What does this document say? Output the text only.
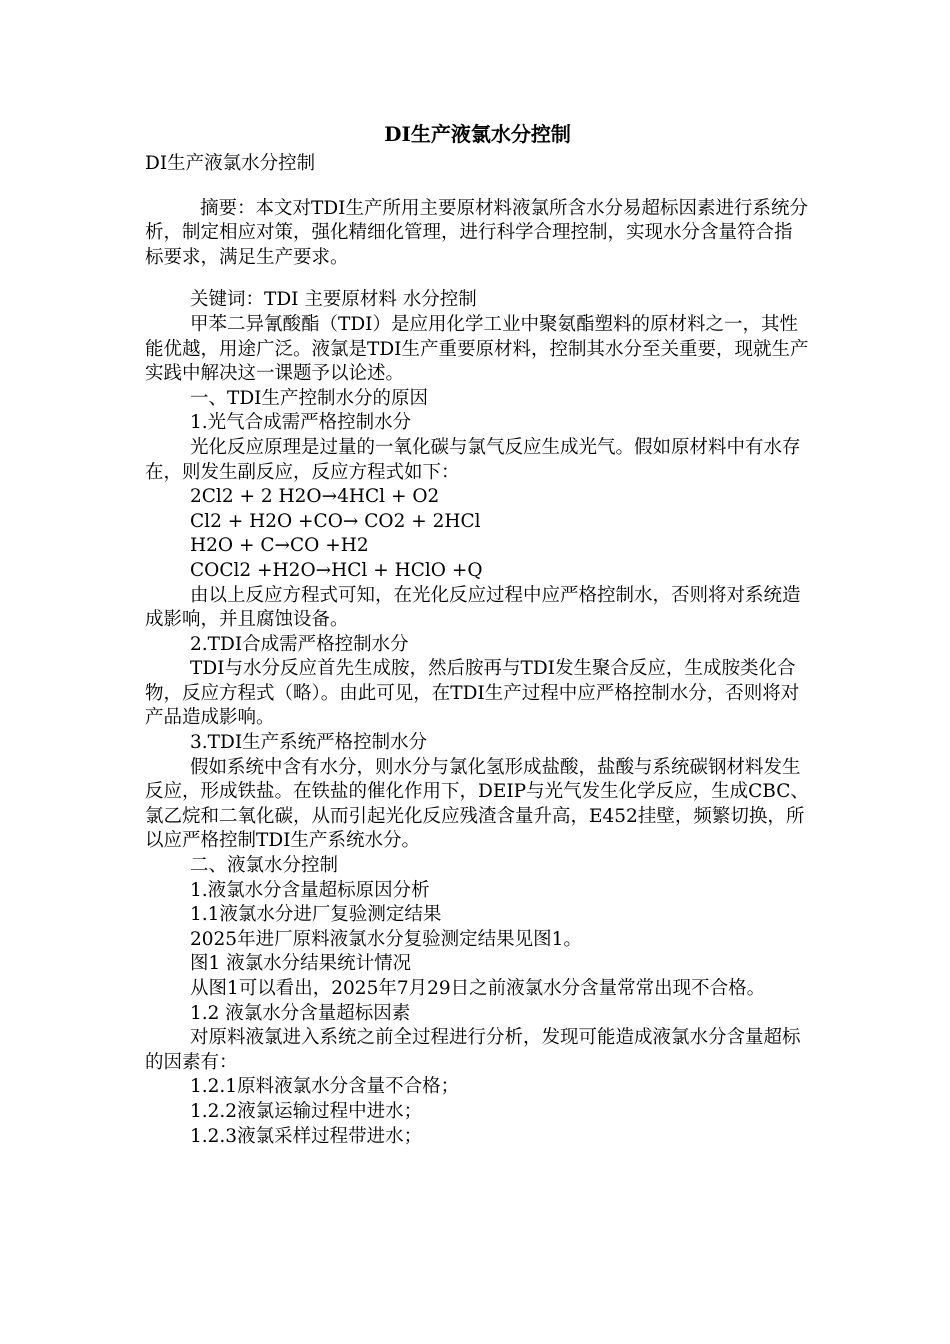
DI生产液氯水分控制

DI生产液氯水分控制

摘要：本文对TDI生产所用主要原材料液氯所含水分易超标因素进行系统分析，制定相应对策，强化精细化管理，进行科学合理控制，实现水分含量符合指标要求，满足生产要求。

关键词：TDI 主要原材料 水分控制

甲苯二异氰酸酯（TDI）是应用化学工业中聚氨酯塑料的原材料之一，其性能优越，用途广泛。液氯是TDI生产重要原材料，控制其水分至关重要，现就生产实践中解决这一课题予以论述。

一、TDI生产控制水分的原因

1.光气合成需严格控制水分

光化反应原理是过量的一氧化碳与氯气反应生成光气。假如原材料中有水存在，则发生副反应，反应方程式如下：

2Cl2 + 2 H2O→4HCl + O2

Cl2 + H2O +CO→ CO2 + 2HCl

H2O + C→CO +H2

COCl2 +H2O→HCl + HClO +Q

由以上反应方程式可知，在光化反应过程中应严格控制水，否则将对系统造成影响，并且腐蚀设备。

2.TDI合成需严格控制水分

TDI与水分反应首先生成胺，然后胺再与TDI发生聚合反应，生成胺类化合物，反应方程式（略）。由此可见，在TDI生产过程中应严格控制水分，否则将对产品造成影响。

3.TDI生产系统严格控制水分

假如系统中含有水分，则水分与氯化氢形成盐酸，盐酸与系统碳钢材料发生反应，形成铁盐。在铁盐的催化作用下，DEIP与光气发生化学反应，生成CBC、氯乙烷和二氧化碳，从而引起光化反应残渣含量升高，E452挂壁，频繁切换，所以应严格控制TDI生产系统水分。

二、液氯水分控制

1.液氯水分含量超标原因分析

1.1液氯水分进厂复验测定结果

2025年进厂原料液氯水分复验测定结果见图1。

图1 液氯水分结果统计情况

从图1可以看出，2025年7月29日之前液氯水分含量常常出现不合格。

1.2 液氯水分含量超标因素

对原料液氯进入系统之前全过程进行分析，发现可能造成液氯水分含量超标的因素有：

1.2.1原料液氯水分含量不合格；

1.2.2液氯运输过程中进水；

1.2.3液氯采样过程带进水；
